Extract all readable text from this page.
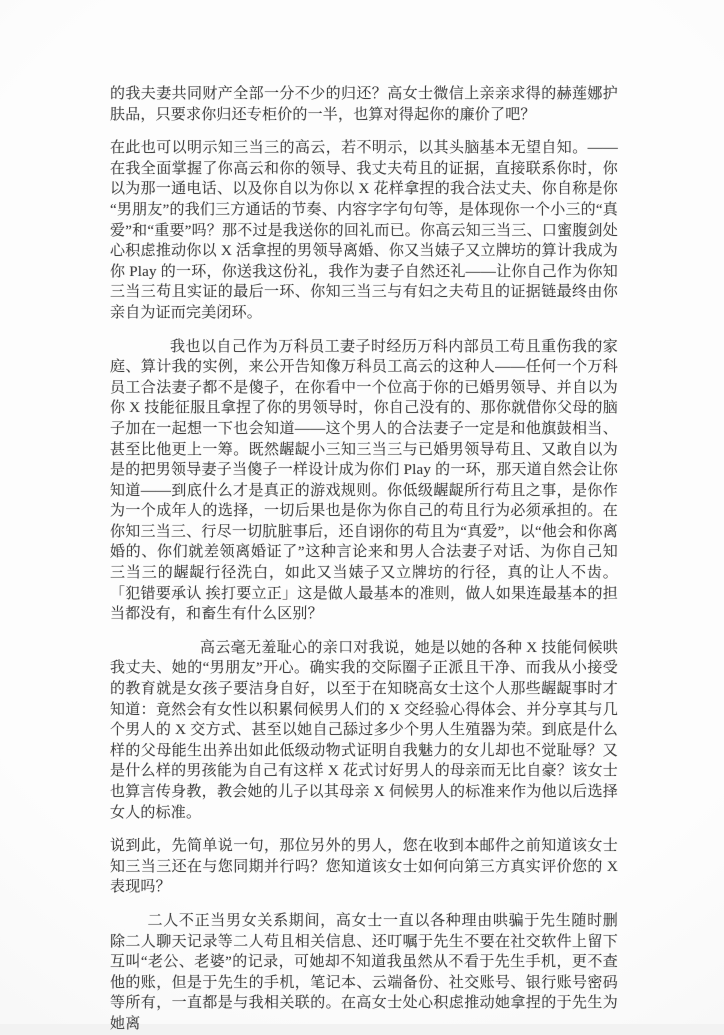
的我夫妻共同财产全部一分不少的归还？高女士微信上亲亲求得的赫莲娜护肤品，只要求你归还专柜价的一半，也算对得起你的廉价了吧？

在此也可以明示知三当三的高云，若不明示，以其头脑基本无望自知。——在我全面掌握了你高云和你的领导、我丈夫苟且的证据，直接联系你时，你以为那一通电话、以及你自以为你以 X 花样拿捏的我合法丈夫、你自称是你“男朋友”的我们三方通话的节奏、内容字字句句等，是体现你一个小三的“真爱”和“重要”吗？那不过是我送你的回礼而已。你高云知三当三、口蜜腹剑处心积虑推动你以 X 活拿捏的男领导离婚、你又当婊子又立牌坊的算计我成为你 Play 的一环，你送我这份礼，我作为妻子自然还礼——让你自己作为你知三当三苟且实证的最后一环、你知三当三与有妇之夫苟且的证据链最终由你亲自为证而完美闭环。

我也以自己作为万科员工妻子时经历万科内部员工苟且重伤我的家庭、算计我的实例，来公开告知像万科员工高云的这种人——任何一个万科员工合法妻子都不是傻子，在你看中一个位高于你的已婚男领导、并自以为你 X 技能征服且拿捏了你的男领导时，你自己没有的、那你就借你父母的脑子加在一起想一下也会知道——这个男人的合法妻子一定是和他旗鼓相当、甚至比他更上一筹。既然龌龊小三知三当三与已婚男领导苟且、又敢自以为是的把男领导妻子当傻子一样设计成为你们 Play 的一环，那天道自然会让你知道——到底什么才是真正的游戏规则。你低级龌龊所行苟且之事，是你作为一个成年人的选择，一切后果也是你为你自己的苟且行为必须承担的。在你知三当三、行尽一切肮脏事后，还自诩你的苟且为“真爱”，以“他会和你离婚的、你们就差领离婚证了”这种言论来和男人合法妻子对话、为你自己知三当三的龌龊行径洗白，如此又当婊子又立牌坊的行径，真的让人不齿。「犯错要承认 挨打要立正」这是做人最基本的准则，做人如果连最基本的担当都没有，和畜生有什么区别？

高云毫无羞耻心的亲口对我说，她是以她的各种 X 技能伺候哄我丈夫、她的“男朋友”开心。确实我的交际圈子正派且干净、而我从小接受的教育就是女孩子要洁身自好，以至于在知晓高女士这个人那些龌龊事时才知道：竟然会有女性以积累伺候男人们的 X 交经验心得体会、并分享其与几个男人的 X 交方式、甚至以她自己舔过多少个男人生殖器为荣。到底是什么样的父母能生出养出如此低级动物式证明自我魅力的女儿却也不觉耻辱？又是什么样的男孩能为自己有这样 X 花式讨好男人的母亲而无比自豪？该女士也算言传身教，教会她的儿子以其母亲 X 伺候男人的标准来作为他以后选择女人的标准。

说到此，先简单说一句，那位另外的男人，您在收到本邮件之前知道该女士知三当三还在与您同期并行吗？您知道该女士如何向第三方真实评价您的 X 表现吗？

二人不正当男女关系期间，高女士一直以各种理由哄骗于先生随时删除二人聊天记录等二人苟且相关信息、还叮嘱于先生不要在社交软件上留下互叫“老公、老婆”的记录，可她却不知道我虽然从不看于先生手机，更不查他的账，但是于先生的手机，笔记本、云端备份、社交账号、银行账号密码等所有，一直都是与我相关联的。在高女士处心积虑推动她拿捏的于先生为她离
